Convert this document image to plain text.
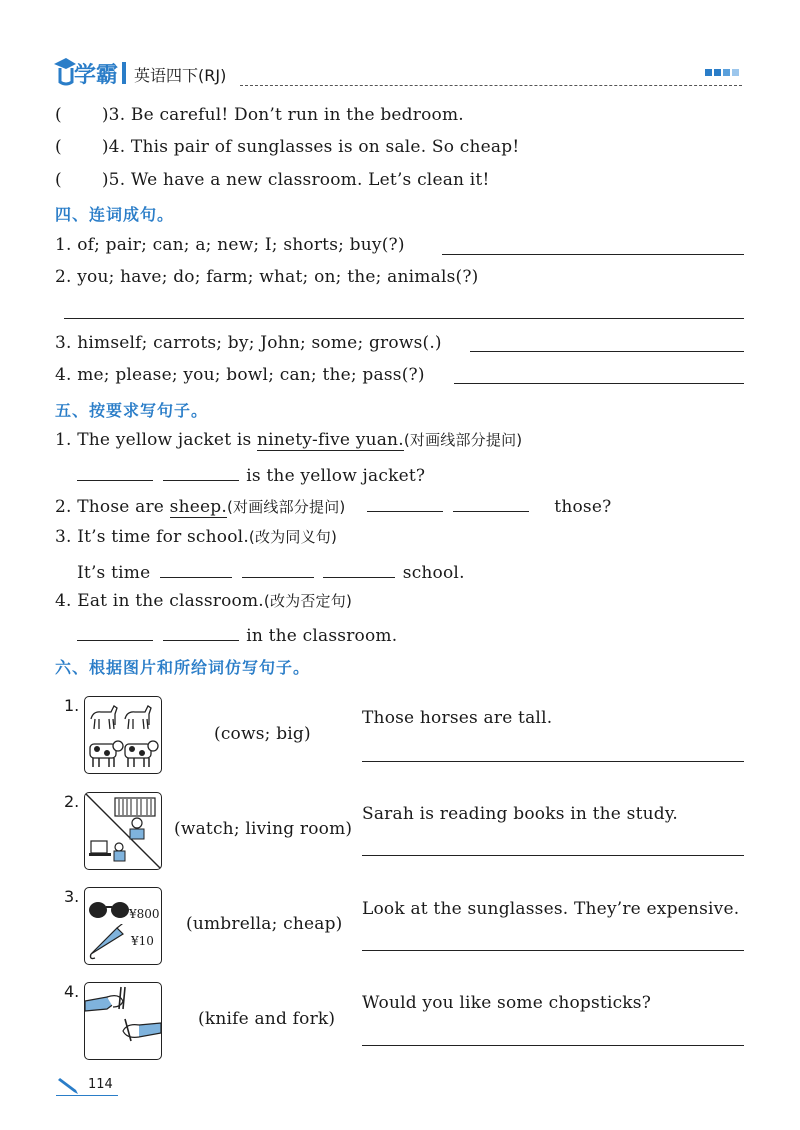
学霸 英语四下(RJ)
( )3. Be careful! Don’t run in the bedroom.
( )4. This pair of sunglasses is on sale. So cheap!
( )5. We have a new classroom. Let’s clean it!
四、连词成句。
1. of; pair; can; a; new; I; shorts; buy(?)
2. you; have; do; farm; what; on; the; animals(?)
3. himself; carrots; by; John; some; grows(.)
4. me; please; you; bowl; can; the; pass(?)
五、按要求写句子。
1. The yellow jacket is ninety-five yuan.(对画线部分提问)
is the yellow jacket?
2. Those are sheep.(对画线部分提问)	those?
3. It’s time for school.(改为同义句)
It’s time	school.
4. Eat in the classroom.(改为否定句)
in the classroom.
六、根据图片和所给词仿写句子。
1.
(cows; big)
Those horses are tall.
2.
(watch; living room)
Sarah is reading books in the study.
3.
¥800
¥10
(umbrella; cheap)
Look at the sunglasses. They’re expensive.
4.
(knife and fork)
Would you like some chopsticks?
114
